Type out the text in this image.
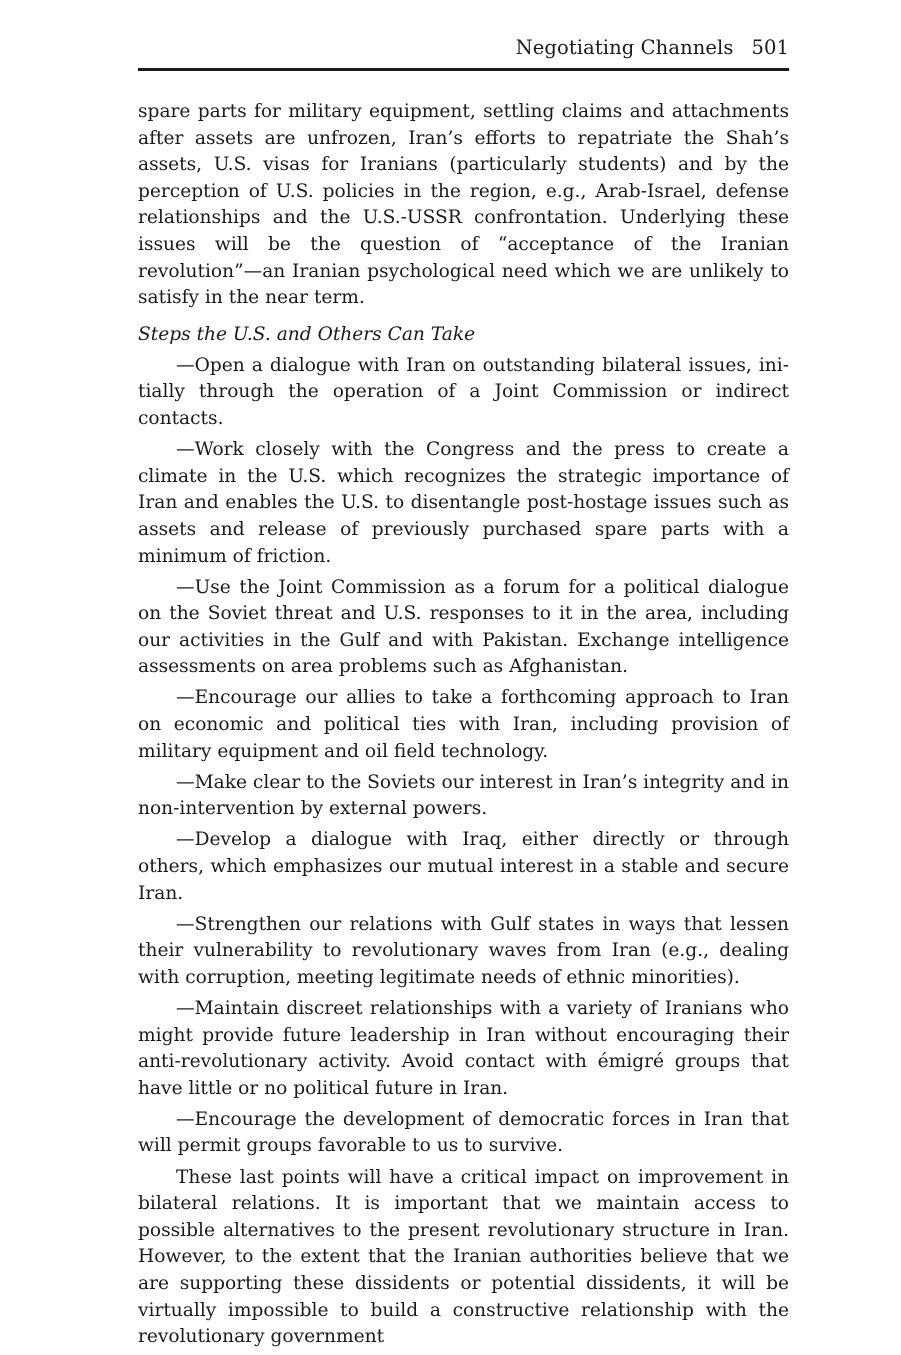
Negotiating Channels 501

spare parts for military equipment, settling claims and attachments after assets are unfrozen, Iran’s efforts to repatriate the Shah’s assets, U.S. visas for Iranians (particularly students) and by the perception of U.S. policies in the region, e.g., Arab-Israel, defense relationships and the U.S.-USSR confrontation. Underlying these issues will be the question of “acceptance of the Iranian revolution”—an Iranian psychological need which we are unlikely to satisfy in the near term.

Steps the U.S. and Others Can Take

—Open a dialogue with Iran on outstanding bilateral issues, initially through the operation of a Joint Commission or indirect contacts.

—Work closely with the Congress and the press to create a climate in the U.S. which recognizes the strategic importance of Iran and enables the U.S. to disentangle post-hostage issues such as assets and release of previously purchased spare parts with a minimum of friction.

—Use the Joint Commission as a forum for a political dialogue on the Soviet threat and U.S. responses to it in the area, including our activities in the Gulf and with Pakistan. Exchange intelligence assessments on area problems such as Afghanistan.

—Encourage our allies to take a forthcoming approach to Iran on economic and political ties with Iran, including provision of military equipment and oil field technology.

—Make clear to the Soviets our interest in Iran’s integrity and in non-intervention by external powers.

—Develop a dialogue with Iraq, either directly or through others, which emphasizes our mutual interest in a stable and secure Iran.

—Strengthen our relations with Gulf states in ways that lessen their vulnerability to revolutionary waves from Iran (e.g., dealing with corruption, meeting legitimate needs of ethnic minorities).

—Maintain discreet relationships with a variety of Iranians who might provide future leadership in Iran without encouraging their anti-revolutionary activity. Avoid contact with émigré groups that have little or no political future in Iran.

—Encourage the development of democratic forces in Iran that will permit groups favorable to us to survive.

These last points will have a critical impact on improvement in bilateral relations. It is important that we maintain access to possible alternatives to the present revolutionary structure in Iran. However, to the extent that the Iranian authorities believe that we are supporting these dissidents or potential dissidents, it will be virtually impossible to build a constructive relationship with the revolutionary government
